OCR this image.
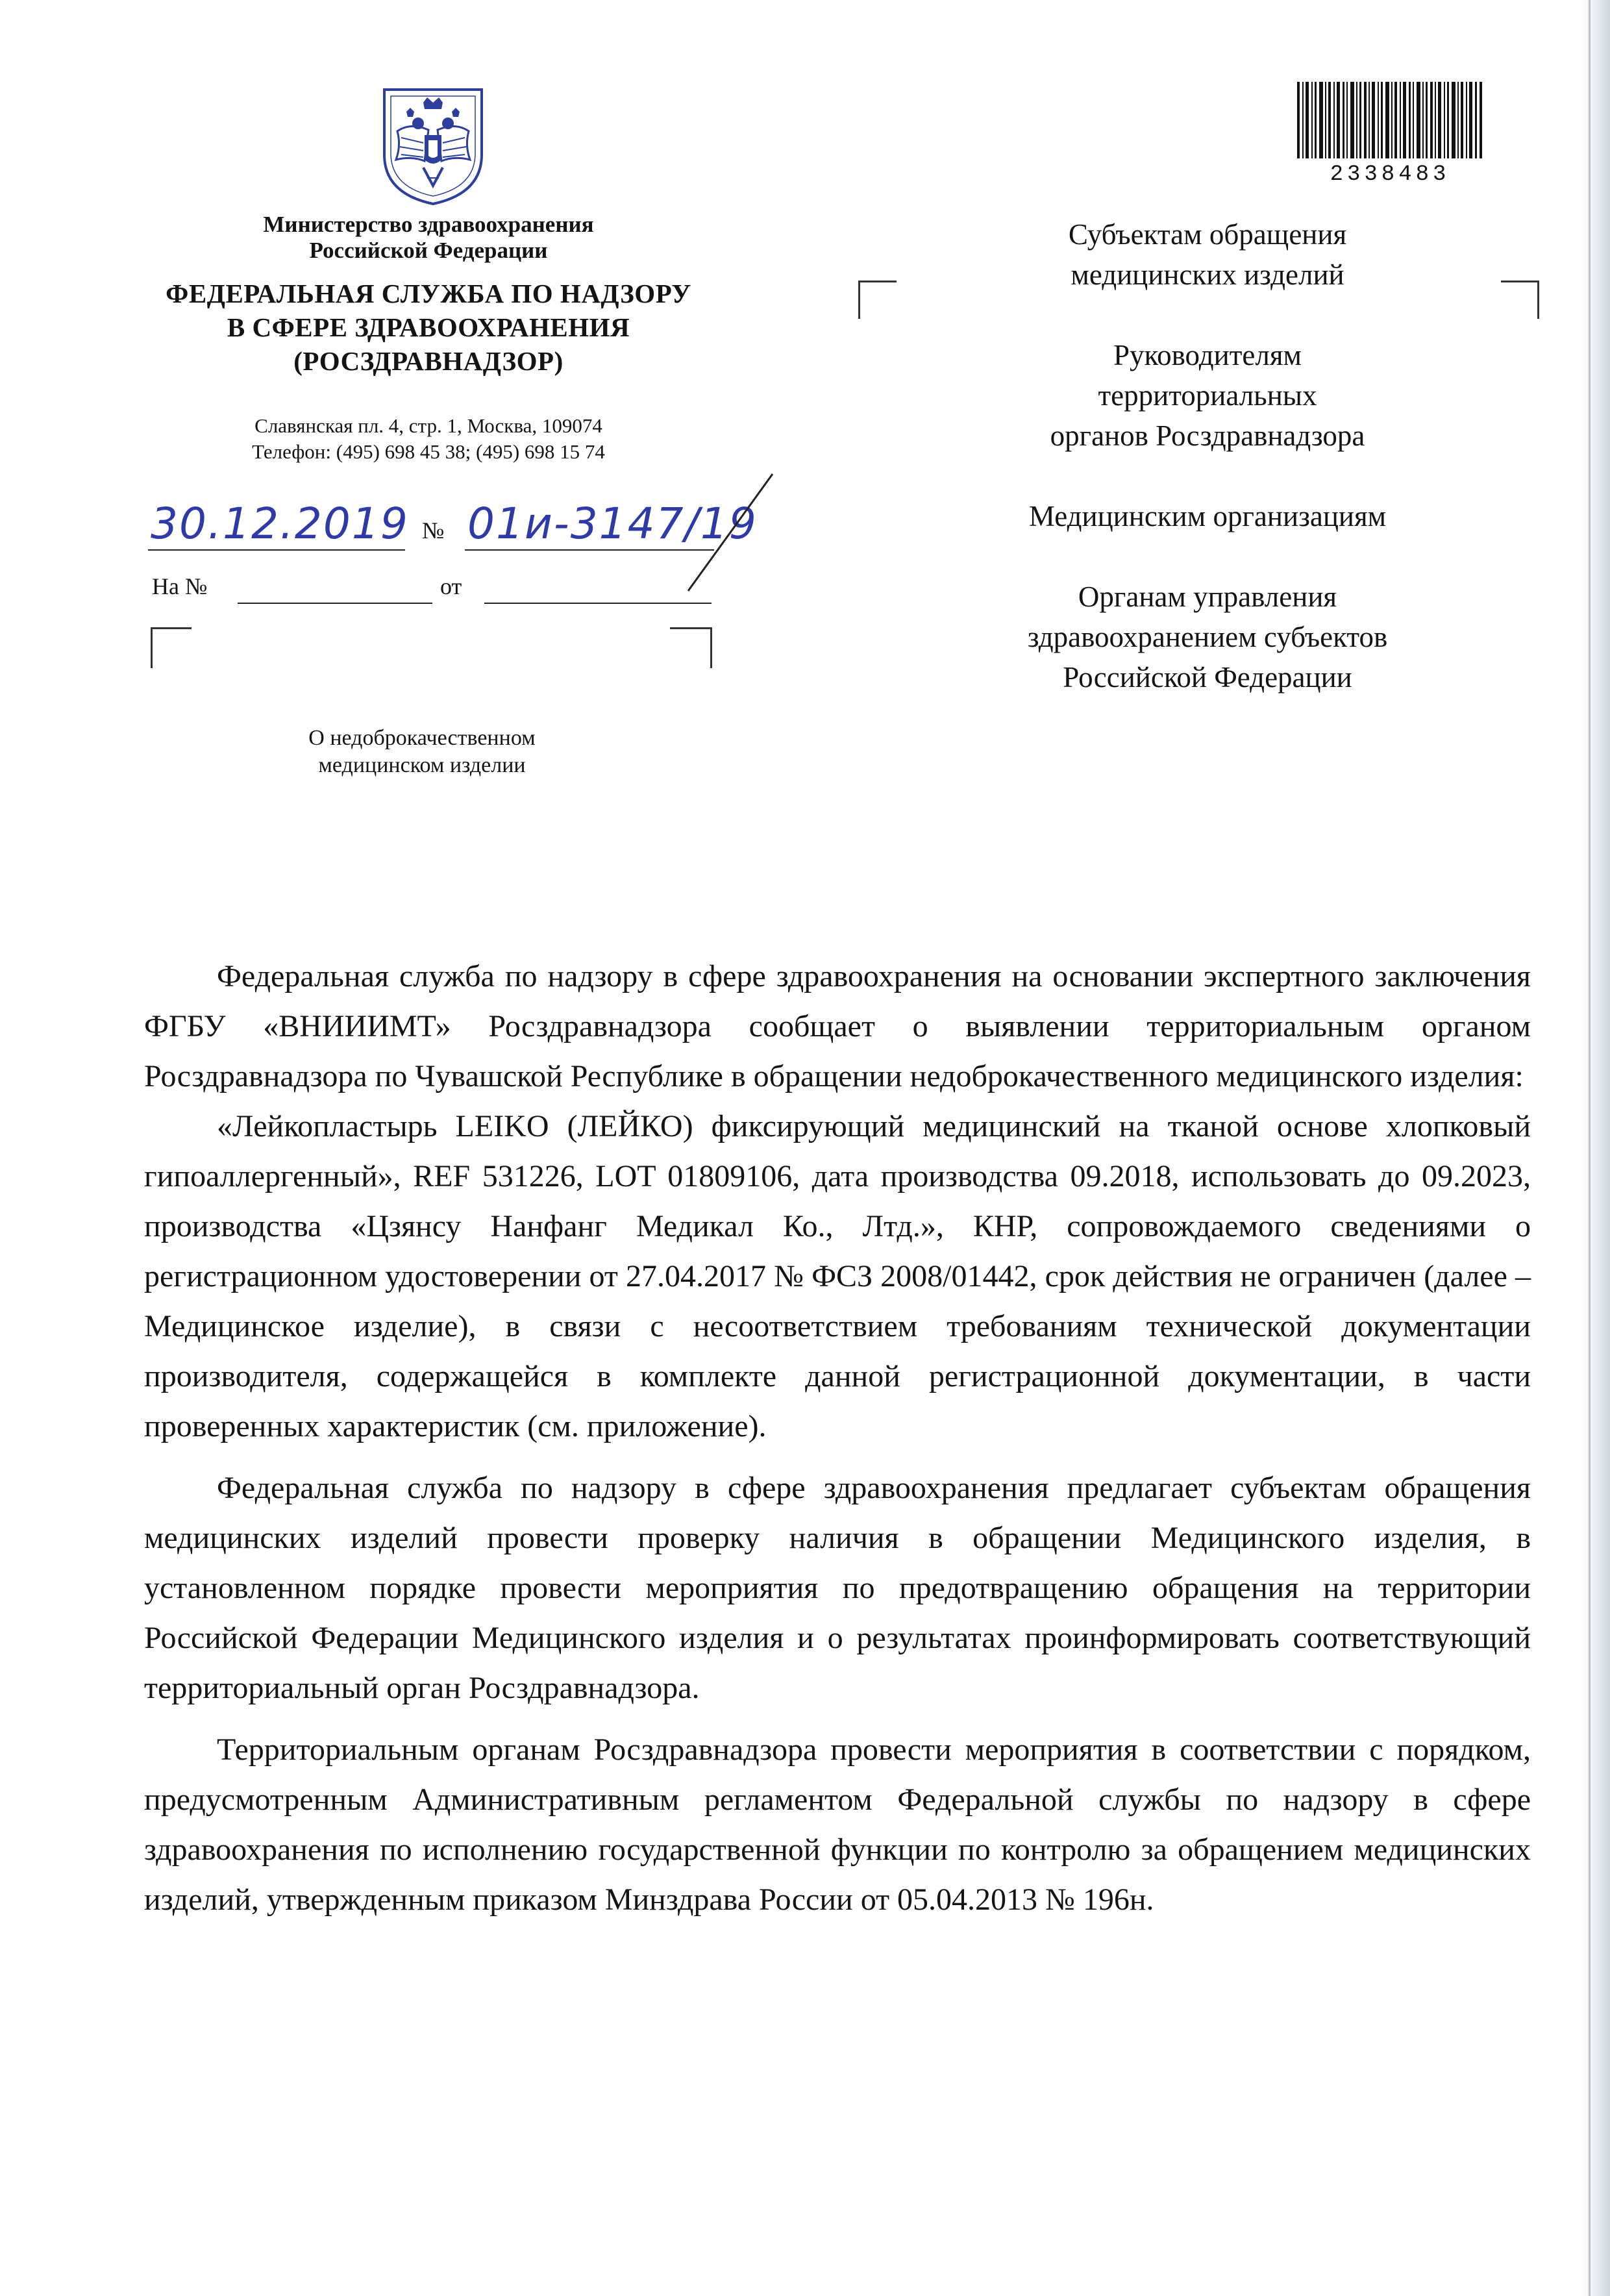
Министерство здравоохранения
Российской Федерации
ФЕДЕРАЛЬНАЯ СЛУЖБА ПО НАДЗОРУ
В СФЕРЕ ЗДРАВООХРАНЕНИЯ
(РОСЗДРАВНАДЗОР)
Славянская пл. 4, стр. 1, Москва, 109074
Телефон: (495) 698 45 38; (495) 698 15 74
30.12.2019 № 01и-3147/19
На №	от
О недоброкачественном
медицинском изделии
2338483

Субъектам обращения
медицинских изделий

Руководителям
территориальных
органов Росздравнадзора

Медицинским организациям

Органам управления
здравоохранением субъектов
Российской Федерации

Федеральная служба по надзору в сфере здравоохранения на основании экспертного заключения ФГБУ «ВНИИИМТ» Росздравнадзора сообщает о выявлении территориальным органом Росздравнадзора по Чувашской Республике в обращении недоброкачественного медицинского изделия:

«Лейкопластырь LEIKO (ЛЕЙКО) фиксирующий медицинский на тканой основе хлопковый гипоаллергенный», REF 531226, LOT 01809106, дата производства 09.2018, использовать до 09.2023, производства «Цзянсу Нанфанг Медикал Ко., Лтд.», КНР, сопровождаемого сведениями о регистрационном удостоверении от 27.04.2017 № ФСЗ 2008/01442, срок действия не ограничен (далее – Медицинское изделие), в связи с несоответствием требованиям технической документации производителя, содержащейся в комплекте данной регистрационной документации, в части проверенных характеристик (см. приложение).

Федеральная служба по надзору в сфере здравоохранения предлагает субъектам обращения медицинских изделий провести проверку наличия в обращении Медицинского изделия, в установленном порядке провести мероприятия по предотвращению обращения на территории Российской Федерации Медицинского изделия и о результатах проинформировать соответствующий территориальный орган Росздравнадзора.

Территориальным органам Росздравнадзора провести мероприятия в соответствии с порядком, предусмотренным Административным регламентом Федеральной службы по надзору в сфере здравоохранения по исполнению государственной функции по контролю за обращением медицинских изделий, утвержденным приказом Минздрава России от 05.04.2013 № 196н.
